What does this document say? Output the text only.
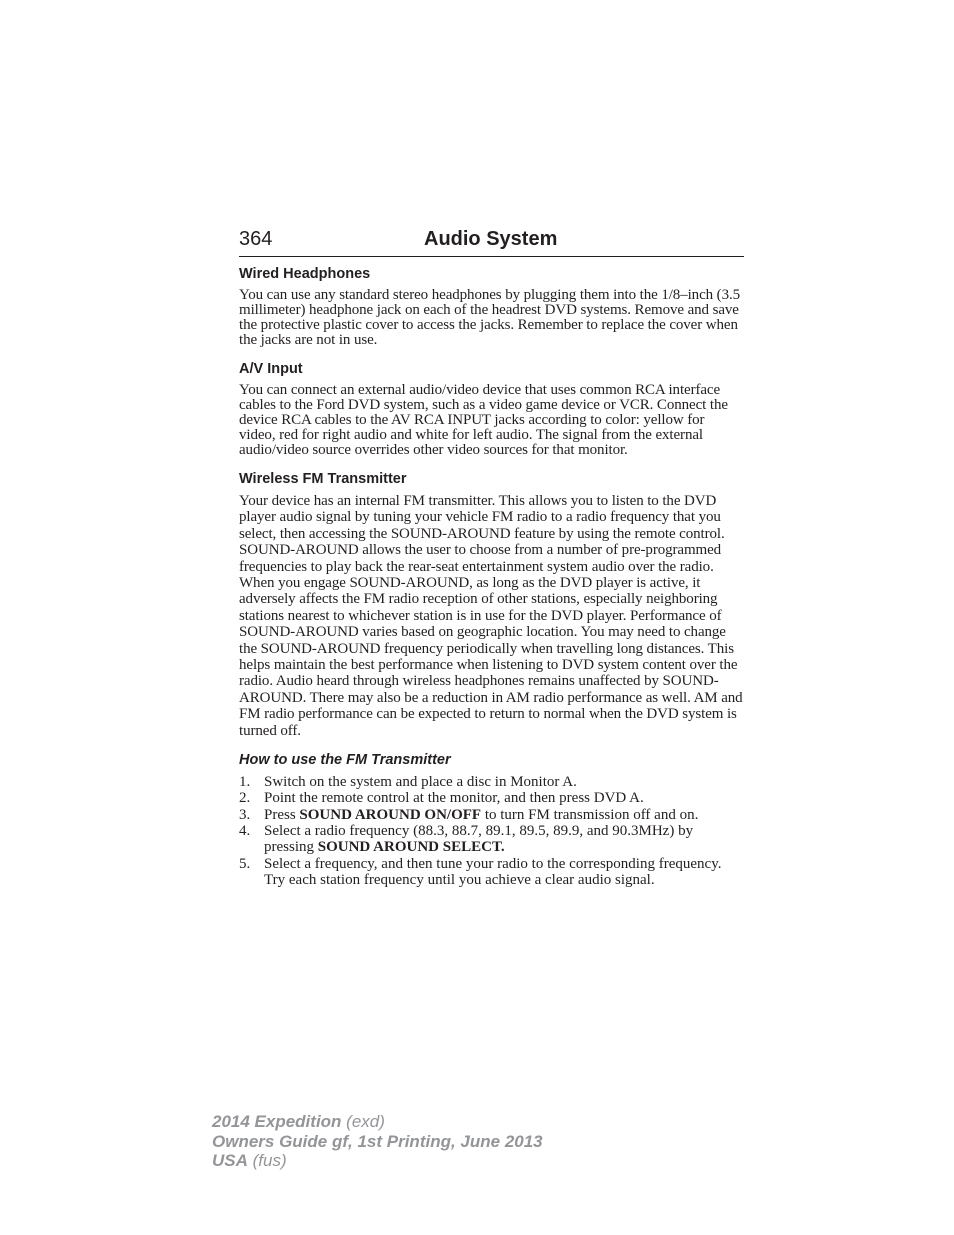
364	Audio System
Wired Headphones

You can use any standard stereo headphones by plugging them into the 1/8–inch (3.5 millimeter) headphone jack on each of the headrest DVD systems. Remove and save the protective plastic cover to access the jacks. Remember to replace the cover when the jacks are not in use.

A/V Input

You can connect an external audio/video device that uses common RCA interface cables to the Ford DVD system, such as a video game device or VCR. Connect the device RCA cables to the AV RCA INPUT jacks according to color: yellow for video, red for right audio and white for left audio. The signal from the external audio/video source overrides other video sources for that monitor.

Wireless FM Transmitter

Your device has an internal FM transmitter. This allows you to listen to the DVD player audio signal by tuning your vehicle FM radio to a radio frequency that you select, then accessing the SOUND-AROUND feature by using the remote control. SOUND-AROUND allows the user to choose from a number of pre-programmed frequencies to play back the rear-seat entertainment system audio over the radio. When you engage SOUND-AROUND, as long as the DVD player is active, it adversely affects the FM radio reception of other stations, especially neighboring stations nearest to whichever station is in use for the DVD player. Performance of SOUND-AROUND varies based on geographic location. You may need to change the SOUND-AROUND frequency periodically when travelling long distances. This helps maintain the best performance when listening to DVD system content over the radio. Audio heard through wireless headphones remains unaffected by SOUND-AROUND. There may also be a reduction in AM radio performance as well. AM and FM radio performance can be expected to return to normal when the DVD system is turned off.

How to use the FM Transmitter
1. Switch on the system and place a disc in Monitor A.
2. Point the remote control at the monitor, and then press DVD A.
3. Press SOUND AROUND ON/OFF to turn FM transmission off and on.
4. Select a radio frequency (88.3, 88.7, 89.1, 89.5, 89.9, and 90.3MHz) by pressing SOUND AROUND SELECT.
5. Select a frequency, and then tune your radio to the corresponding frequency. Try each station frequency until you achieve a clear audio signal.
2014 Expedition (exd)
Owners Guide gf, 1st Printing, June 2013
USA (fus)
